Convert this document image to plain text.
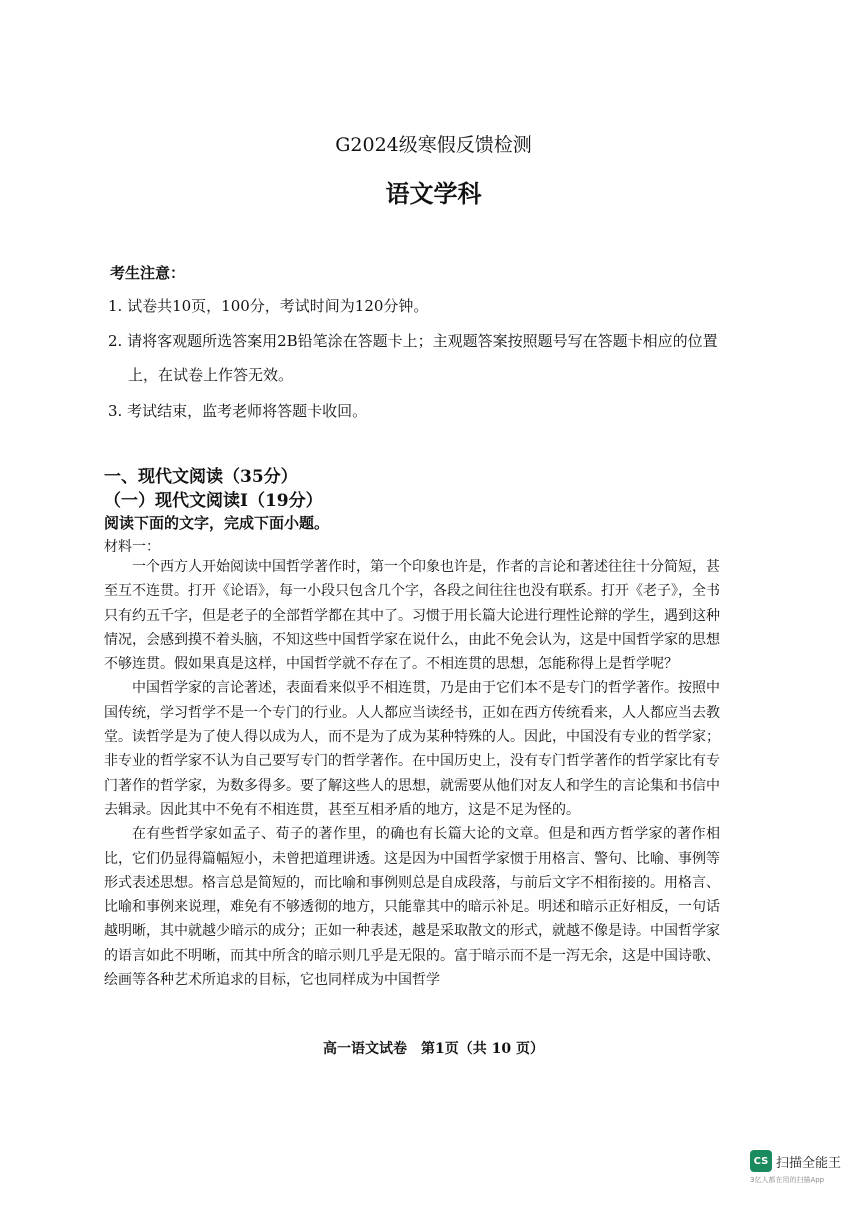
G2024级寒假反馈检测
语文学科
考生注意：
1. 试卷共10页，100分，考试时间为120分钟。
2. 请将客观题所选答案用2B铅笔涂在答题卡上；主观题答案按照题号写在答题卡相应的位置
上，在试卷上作答无效。
3. 考试结束，监考老师将答题卡收回。
一、现代文阅读（35分）
（一）现代文阅读Ⅰ（19分）
阅读下面的文字，完成下面小题。
材料一：

一个西方人开始阅读中国哲学著作时，第一个印象也许是，作者的言论和著述往往十分简短，甚至互不连贯。打开《论语》，每一小段只包含几个字，各段之间往往也没有联系。打开《老子》，全书只有约五千字，但是老子的全部哲学都在其中了。习惯于用长篇大论进行理性论辩的学生，遇到这种情况，会感到摸不着头脑，不知这些中国哲学家在说什么，由此不免会认为，这是中国哲学家的思想不够连贯。假如果真是这样，中国哲学就不存在了。不相连贯的思想，怎能称得上是哲学呢？

中国哲学家的言论著述，表面看来似乎不相连贯，乃是由于它们本不是专门的哲学著作。按照中国传统，学习哲学不是一个专门的行业。人人都应当读经书，正如在西方传统看来，人人都应当去教堂。读哲学是为了使人得以成为人，而不是为了成为某种特殊的人。因此，中国没有专业的哲学家；非专业的哲学家不认为自己要写专门的哲学著作。在中国历史上，没有专门哲学著作的哲学家比有专门著作的哲学家，为数多得多。要了解这些人的思想，就需要从他们对友人和学生的言论集和书信中去辑录。因此其中不免有不相连贯，甚至互相矛盾的地方，这是不足为怪的。

在有些哲学家如孟子、荀子的著作里，的确也有长篇大论的文章。但是和西方哲学家的著作相比，它们仍显得篇幅短小，未曾把道理讲透。这是因为中国哲学家惯于用格言、警句、比喻、事例等形式表述思想。格言总是简短的，而比喻和事例则总是自成段落，与前后文字不相衔接的。用格言、比喻和事例来说理，难免有不够透彻的地方，只能靠其中的暗示补足。明述和暗示正好相反，一句话越明晰，其中就越少暗示的成分；正如一种表述，越是采取散文的形式，就越不像是诗。中国哲学家的语言如此不明晰，而其中所含的暗示则几乎是无限的。富于暗示而不是一泻无余，这是中国诗歌、绘画等各种艺术所追求的目标，它也同样成为中国哲学

高一语文试卷　第1页（共 10 页）
CS 扫描全能王
3亿人都在用的扫描App
